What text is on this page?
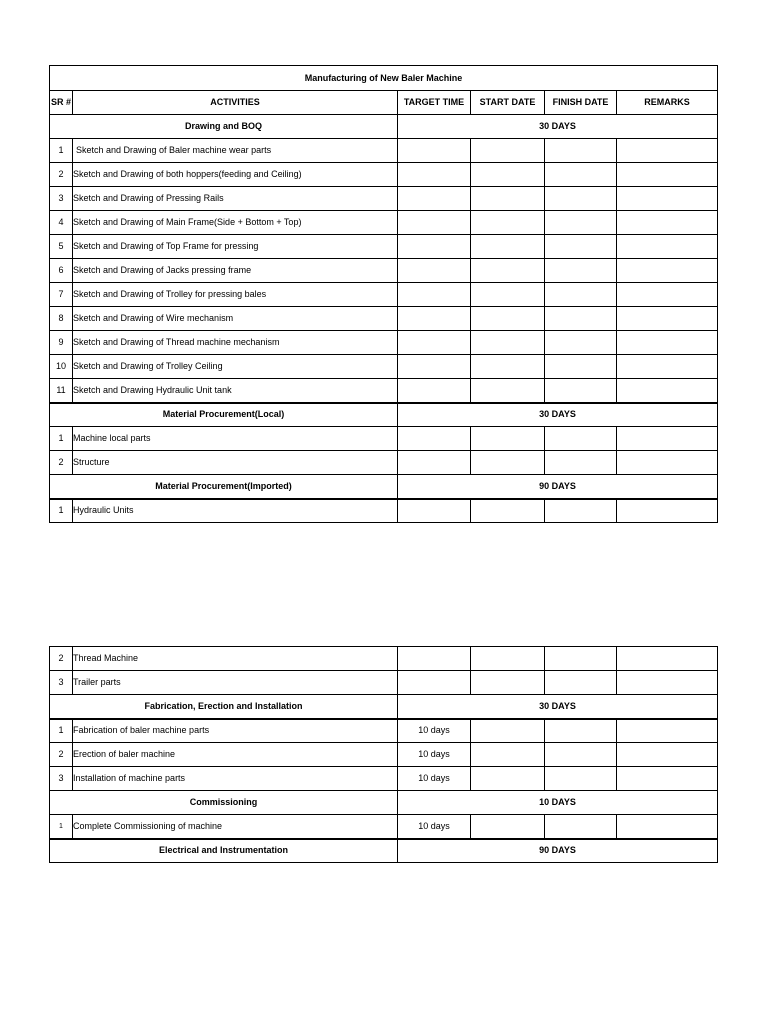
Manufacturing of New Baler Machine					
SR #	ACTIVITIES	TARGET TIME	START DATE	FINISH DATE	REMARKS
Drawing and BOQ		30 DAYS			
1	Sketch and Drawing of Baler machine wear parts				
2	Sketch and Drawing of both hoppers(feeding and Ceiling)				
3	Sketch and Drawing of Pressing Rails				
4	Sketch and Drawing of Main Frame(Side + Bottom + Top)				
5	Sketch and Drawing of Top Frame for pressing				
6	Sketch and Drawing of Jacks pressing frame				
7	Sketch and Drawing of Trolley for pressing bales				
8	Sketch and Drawing of Wire mechanism				
9	Sketch and Drawing of Thread machine mechanism				
10	Sketch and Drawing of Trolley Ceiling				
11	Sketch and Drawing Hydraulic Unit tank				
Material Procurement(Local)		30 DAYS			
1	Machine local parts				
2	Structure				
Material Procurement(Imported)		90 DAYS			
1	Hydraulic Units				
2	Thread Machine				
3	Trailer parts				
Fabrication, Erection and Installation		30 DAYS			
1	Fabrication of baler machine parts	10 days			
2	Erection of baler machine	10 days			
3	Installation of machine parts	10 days			
Commissioning		10 DAYS			
1	Complete Commissioning of machine	10 days			
Electrical and Instrumentation		90 DAYS			
